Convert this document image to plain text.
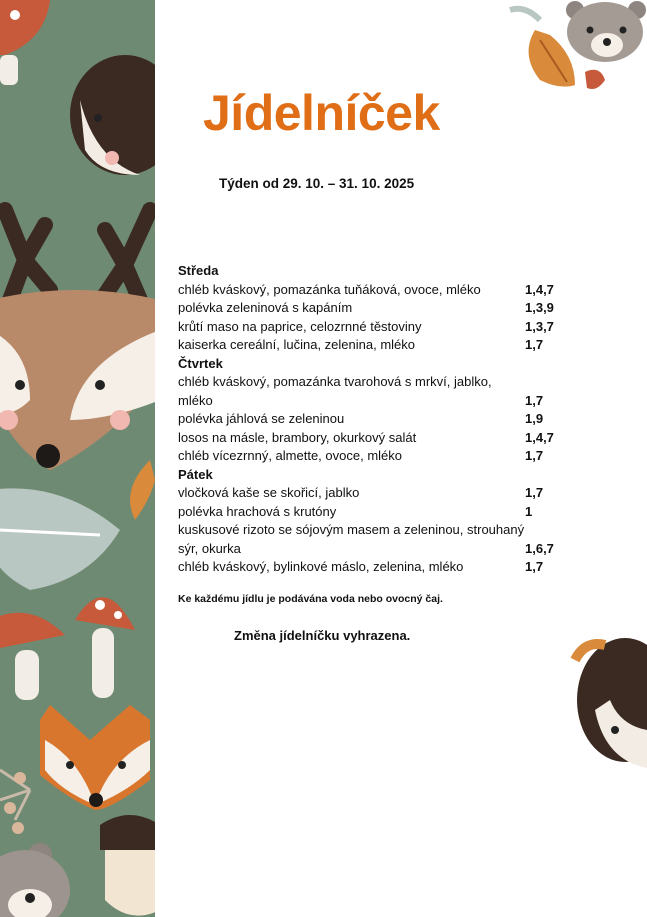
Jídelníček
Týden od 29. 10. – 31. 10. 2025
Středa
chléb kváskový, pomazánka tuňáková, ovoce, mléko	1,4,7
polévka zeleninová s kapáním	1,3,9
krůtí maso na paprice, celozrnné těstoviny	1,3,7
kaiserka cereální, lučina, zelenina, mléko	1,7
Čtvrtek
chléb kváskový, pomazánka tvarohová s mrkví, jablko, mléko	1,7
polévka jáhlová se zeleninou	1,9
losos na másle, brambory, okurkový salát	1,4,7
chléb vícezrnný, almette, ovoce, mléko	1,7
Pátek
vločková kaše se skořicí, jablko	1,7
polévka hrachová s krutóny	1
kuskusové rizoto se sójovým masem a zeleninou, strouhaný sýr, okurka	1,6,7
chléb kváskový, bylinkové máslo, zelenina, mléko	1,7
Ke každému jídlu je podávána voda nebo ovocný čaj.
Změna jídelníčku vyhrazena.
